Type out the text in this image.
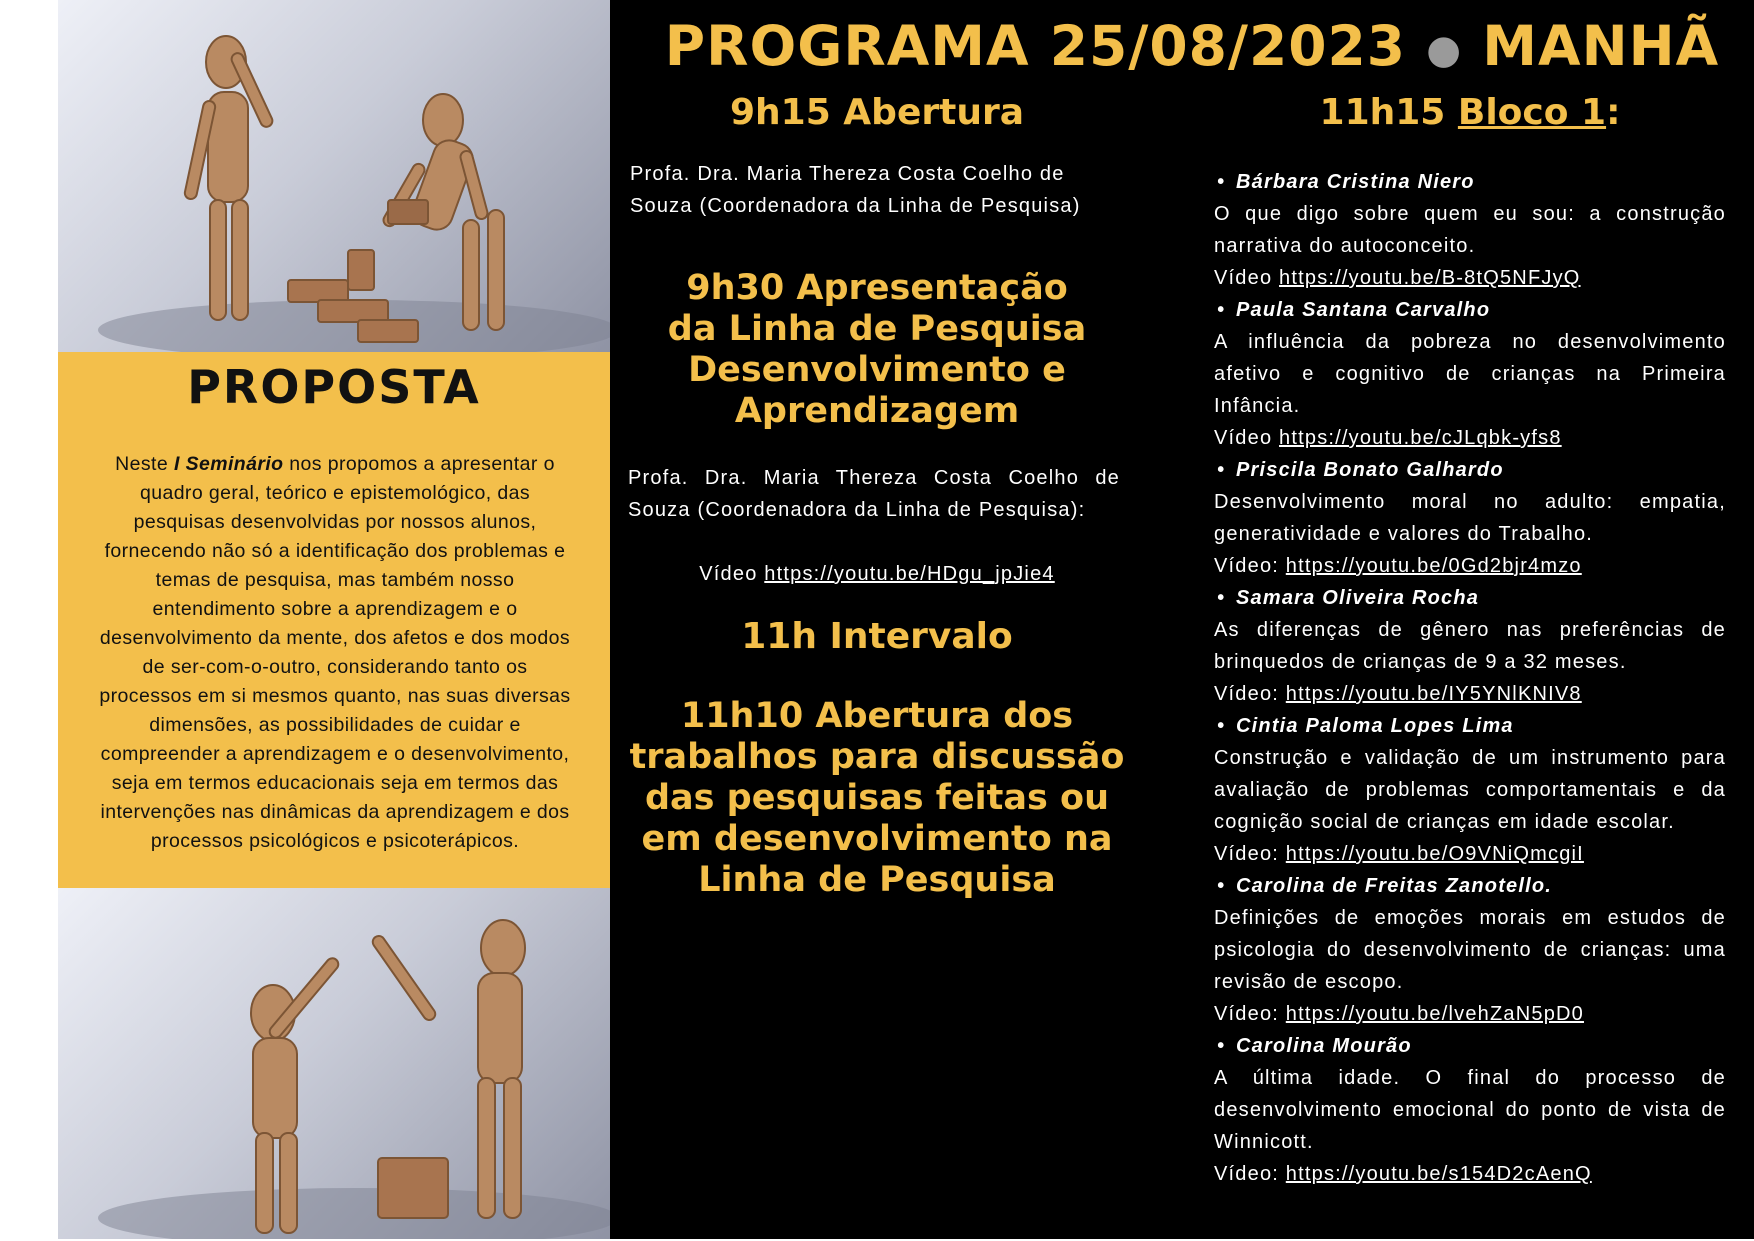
PROPOSTA

Neste I Seminário nos propomos a apresentar o quadro geral, teórico e epistemológico, das pesquisas desenvolvidas por nossos alunos, fornecendo não só a identificação dos problemas e temas de pesquisa, mas também nosso entendimento sobre a aprendizagem e o desenvolvimento da mente, dos afetos e dos modos de ser-com-o-outro, considerando tanto os processos em si mesmos quanto, nas suas diversas dimensões, as possibilidades de cuidar e compreender a aprendizagem e o desenvolvimento, seja em termos educacionais seja em termos das intervenções nas dinâmicas da aprendizagem e dos processos psicológicos e psicoterápicos.

PROGRAMA 25/08/2023 ● MANHÃ
9h15 Abertura

Profa. Dra. Maria Thereza Costa Coelho de Souza (Coordenadora da Linha de Pesquisa)

9h30 Apresentação da Linha de Pesquisa Desenvolvimento e Aprendizagem

Profa. Dra. Maria Thereza Costa Coelho de Souza (Coordenadora da Linha de Pesquisa):

Vídeo https://youtu.be/HDgu_jpJie4

11h Intervalo
11h10 Abertura dos trabalhos para discussão das pesquisas feitas ou em desenvolvimento na Linha de Pesquisa
11h15 Bloco 1:
• Bárbara Cristina Niero
O que digo sobre quem eu sou: a construção narrativa do autoconceito.
Vídeo https://youtu.be/B-8tQ5NFJyQ
• Paula Santana Carvalho
A influência da pobreza no desenvolvimento afetivo e cognitivo de crianças na Primeira Infância.
Vídeo https://youtu.be/cJLqbk-yfs8
• Priscila Bonato Galhardo
Desenvolvimento moral no adulto: empatia, generatividade e valores do Trabalho.
Vídeo: https://youtu.be/0Gd2bjr4mzo
• Samara Oliveira Rocha
As diferenças de gênero nas preferências de brinquedos de crianças de 9 a 32 meses.
Vídeo: https://youtu.be/IY5YNlKNIV8
• Cintia Paloma Lopes Lima
Construção e validação de um instrumento para avaliação de problemas comportamentais e da cognição social de crianças em idade escolar.
Vídeo: https://youtu.be/O9VNiQmcgiI
• Carolina de Freitas Zanotello.
Definições de emoções morais em estudos de psicologia do desenvolvimento de crianças: uma revisão de escopo.
Vídeo: https://youtu.be/lvehZaN5pD0
• Carolina Mourão
A última idade. O final do processo de desenvolvimento emocional do ponto de vista de Winnicott.
Vídeo: https://youtu.be/s154D2cAenQ
